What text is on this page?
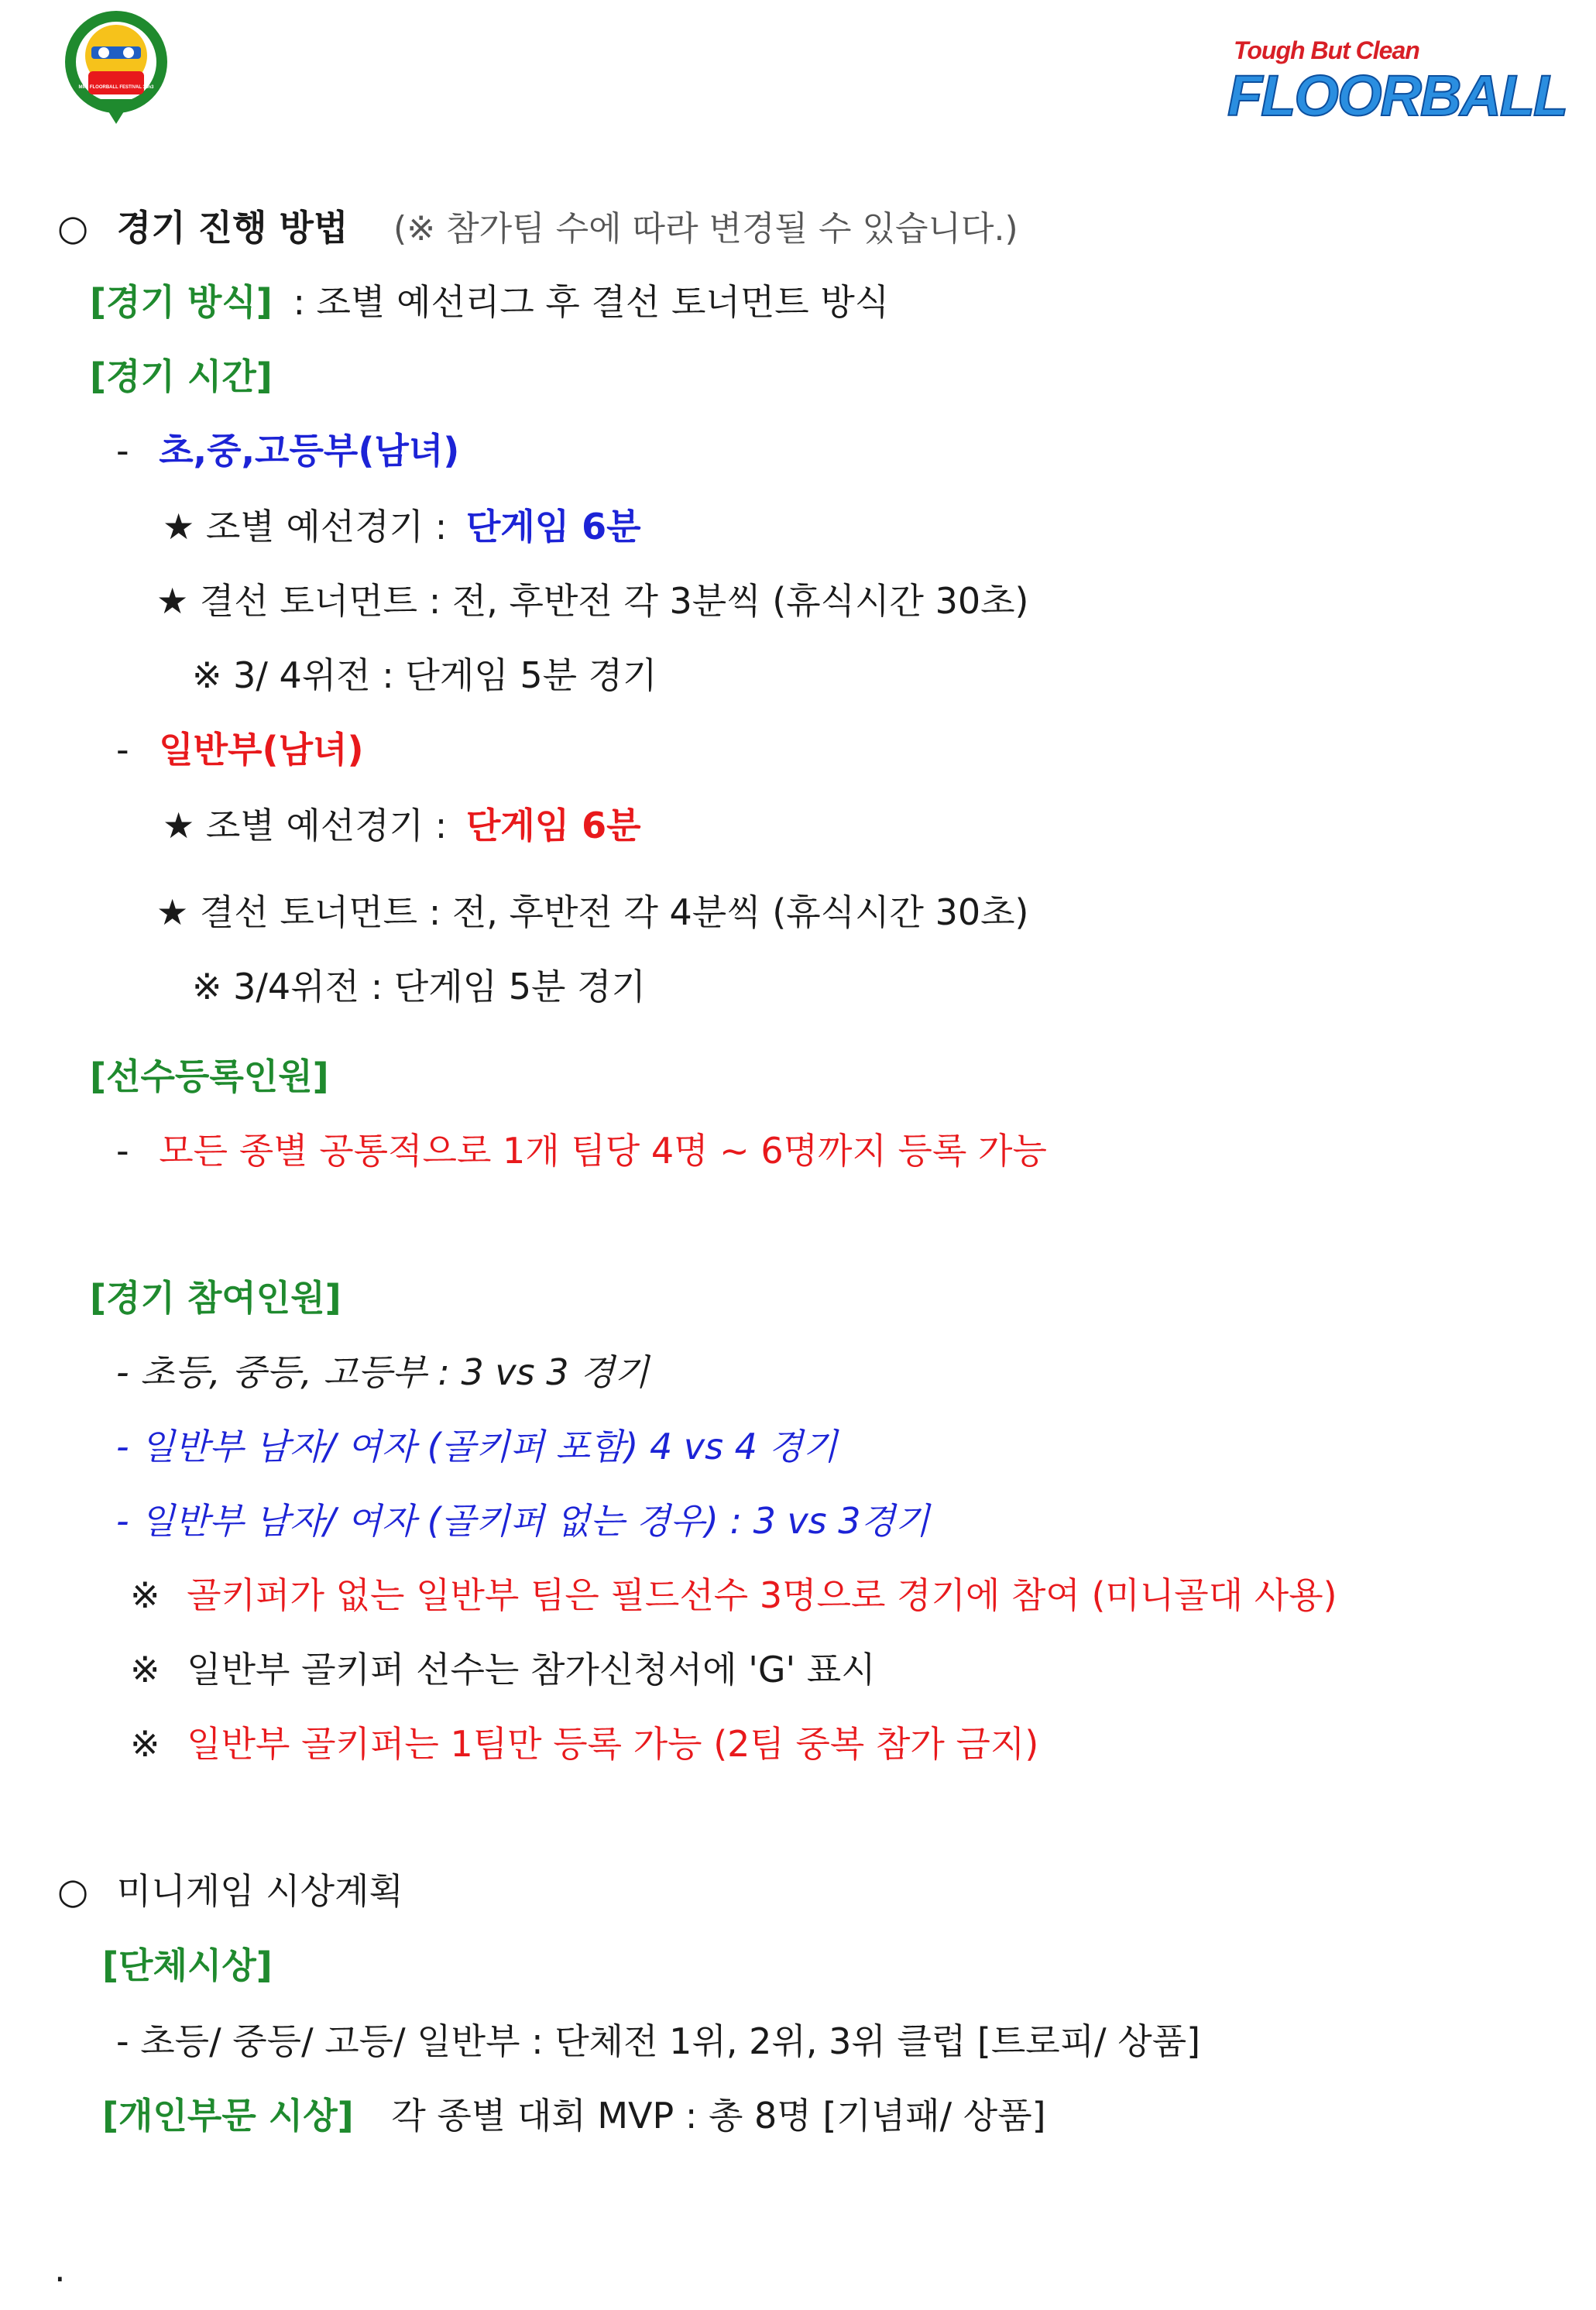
MINI FLOORBALL FESTIVAL 3on3
Tough But Clean
FLOORBALL
○ 경기 진행 방법 (※ 참가팀 수에 따라 변경될 수 있습니다.)
[경기 방식] : 조별 예선리그 후 결선 토너먼트 방식
[경기 시간]
- 초,중,고등부(남녀)
★ 조별 예선경기 : 단게임 6분
★ 결선 토너먼트 : 전, 후반전 각 3분씩 (휴식시간 30초)
※ 3/ 4위전 : 단게임 5분 경기
- 일반부(남녀)
★ 조별 예선경기 : 단게임 6분
★ 결선 토너먼트 : 전, 후반전 각 4분씩 (휴식시간 30초)
※ 3/4위전 : 단게임 5분 경기
[선수등록인원]
- 모든 종별 공통적으로 1개 팀당 4명 ~ 6명까지 등록 가능
[경기 참여인원]
- 초등, 중등, 고등부 : 3 vs 3 경기
- 일반부 남자/ 여자 (골키퍼 포함) 4 vs 4 경기
- 일반부 남자/ 여자 (골키퍼 없는 경우) : 3 vs 3경기
※ 골키퍼가 없는 일반부 팀은 필드선수 3명으로 경기에 참여 (미니골대 사용)
※ 일반부 골키퍼 선수는 참가신청서에 'G' 표시
※ 일반부 골키퍼는 1팀만 등록 가능 (2팀 중복 참가 금지)
○ 미니게임 시상계획
[단체시상]
- 초등/ 중등/ 고등/ 일반부 : 단체전 1위, 2위, 3위 클럽 [트로피/ 상품]
[개인부문 시상] 각 종별 대회 MVP : 총 8명 [기념패/ 상품]
.
